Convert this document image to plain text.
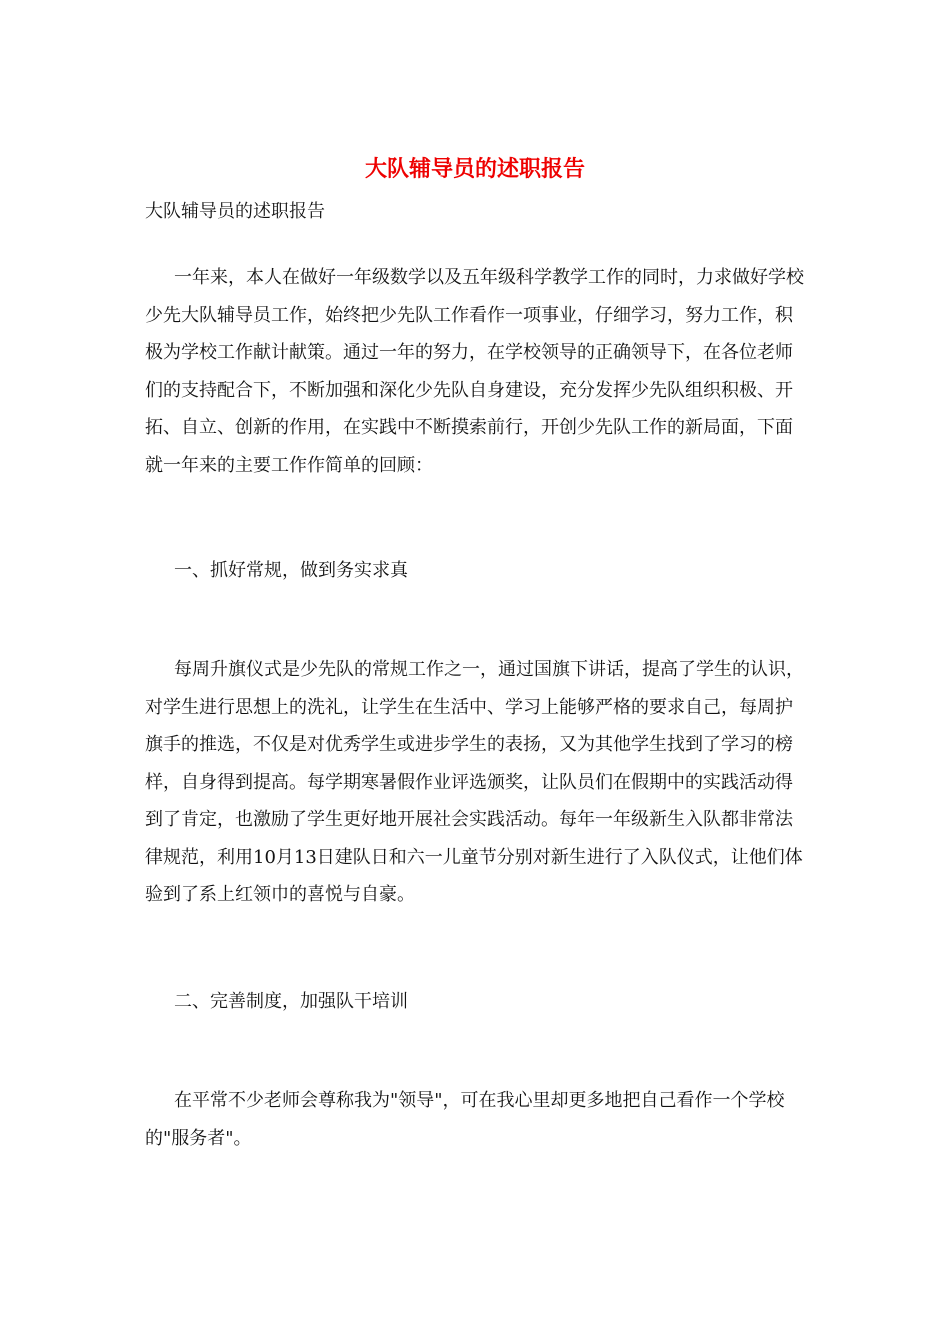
大队辅导员的述职报告
大队辅导员的述职报告

一年来，本人在做好一年级数学以及五年级科学教学工作的同时，力求做好学校少先大队辅导员工作，始终把少先队工作看作一项事业，仔细学习，努力工作，积极为学校工作献计献策。通过一年的努力，在学校领导的正确领导下，在各位老师们的支持配合下，不断加强和深化少先队自身建设，充分发挥少先队组织积极、开拓、自立、创新的作用，在实践中不断摸索前行，开创少先队工作的新局面，下面就一年来的主要工作作简单的回顾：

一、抓好常规，做到务实求真

每周升旗仪式是少先队的常规工作之一，通过国旗下讲话，提高了学生的认识，对学生进行思想上的洗礼，让学生在生活中、学习上能够严格的要求自己，每周护旗手的推选，不仅是对优秀学生或进步学生的表扬，又为其他学生找到了学习的榜样，自身得到提高。每学期寒暑假作业评选颁奖，让队员们在假期中的实践活动得到了肯定，也激励了学生更好地开展社会实践活动。每年一年级新生入队都非常法律规范，利用10月13日建队日和六一儿童节分别对新生进行了入队仪式，让他们体验到了系上红领巾的喜悦与自豪。

二、完善制度，加强队干培训

在平常不少老师会尊称我为"领导"，可在我心里却更多地把自己看作一个学校的"服务者"。
